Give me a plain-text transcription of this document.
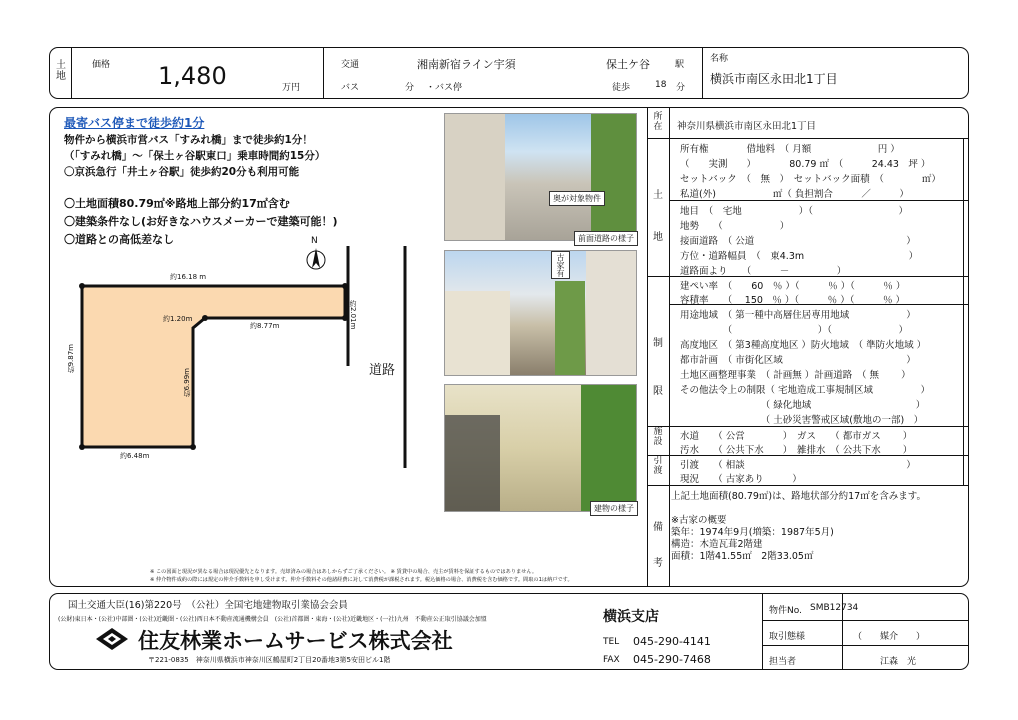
土地
価格 1,480	万円
交通	湘南新宿ライン宇須	保土ケ谷	駅
バス	分 ・バス停	徒歩	18 分
名称
横浜市南区永田北1丁目
最寄バス停まで徒歩約1分
物件から横浜市営バス「すみれ橋」まで徒歩約1分！
（「すみれ橋」～「保土ヶ谷駅東口」乗車時間約15分）
〇京浜急行「井土ヶ谷駅」徒歩約20分も利用可能
〇土地面積80.79㎡※路地上部分約17㎡含む
〇建築条件なし(お好きなハウスメーカーで建築可能！)
〇道路との高低差なし	N
約16.18 m
約2.01m
約1.20m
約8.77m
約9.87m
約6.99m
約6.48m
道路
奥が対象物件
前面道路の様子
古家有
建物の様子
※ この図面と現況が異なる場合は現況優先となります。売却済みの場合はあしからずご了承ください。 ※ 賃貸中の場合、売主が賃料を保証するものではありません。
※ 仲介物件成約の際には規定の仲介手数料を申し受けます。仲介手数料その他諸経費に対して消費税が課税されます。税込価格の場合、消費税を含む価格です。間取の1は納戸です。
所在 神奈川県横浜市南区永田北1丁目
土地
所有権　　　　借地料　（ 月額　　　　　　　円 ）
（　　実測　　）　　　　80.79 ㎡　（　　　24.43　坪 ）
セットバック　（　無　）　セットバック面積　（　　　　㎡）
私道(外)　　　　　　㎡（ 負担割合　　　／　　　）
地目　（　宅地　　　　　　）（　　　　　　　　　）
地勢　　（　　　　　　）
接面道路　（ 公道　　　　　　　　　　　　　　　　）
方位・道路幅員　（　東4.3m　　　　　　　　　　　）
道路面より　　（　　　－　　　　　）
制限
建ぺい率　（　　60　％ ）（　　　％ ）（　　　％ ）
容積率　　（　 150　％ ）（　　　％ ）（　　　％ ）
用途地域　（ 第一種中高層住居専用地域　　　　　　）
　　　　　（　　　　　　　　　）（　　　　　　　）
高度地区　（ 第3種高度地区 ）防火地域　（ 準防火地域 ）
都市計画　（ 市街化区域　　　　　　　　　　　　　）
土地区画整理事業　（ 計画無 ）計画道路　（ 無　　 ）
その他法令上の制限（ 宅地造成工事規制区域　　　　　）
　　　　　　　　　（ 緑化地域　　　　　　　　　　　）
　　　　　　　　　（ 土砂災害警戒区域(敷地の一部)　）
施設 水道　　（ 公営　　　　）　ガス　　（ 都市ガス　　 ）
汚水　　（ 公共下水　　）　雑排水　（ 公共下水　　 ）
引渡 引渡　　（ 相談　　　　　　　　　　　　　　　　　）
現況　　（ 古家あり　　　）
備考
上記土地面積(80.79㎡)は、路地状部分約17㎡を含みます。
※古家の概要
築年：1974年9月(増築：1987年5月)
構造：木造瓦葺2階建
面積：1階41.55㎡　2階33.05㎡
国土交通大臣(16)第220号　（公社）全国宅地建物取引業協会会員
(公財)東日本・(公社)中部圏・(公社)近畿圏・(公社)西日本不動産流通機構会員　(公社)首都圏・東海・(公社)近畿地区・(一社)九州　不動産公正取引協議会加盟
住友林業ホームサービス株式会社
〒221-0835　神奈川県横浜市神奈川区鶴屋町2丁目20番地3第5安田ビル1階
横浜支店
TEL 045-290-4141
FAX 045-290-7468
物件No. SMB12734
取引態様	（　　媒介　　）
担当者	江森　光
